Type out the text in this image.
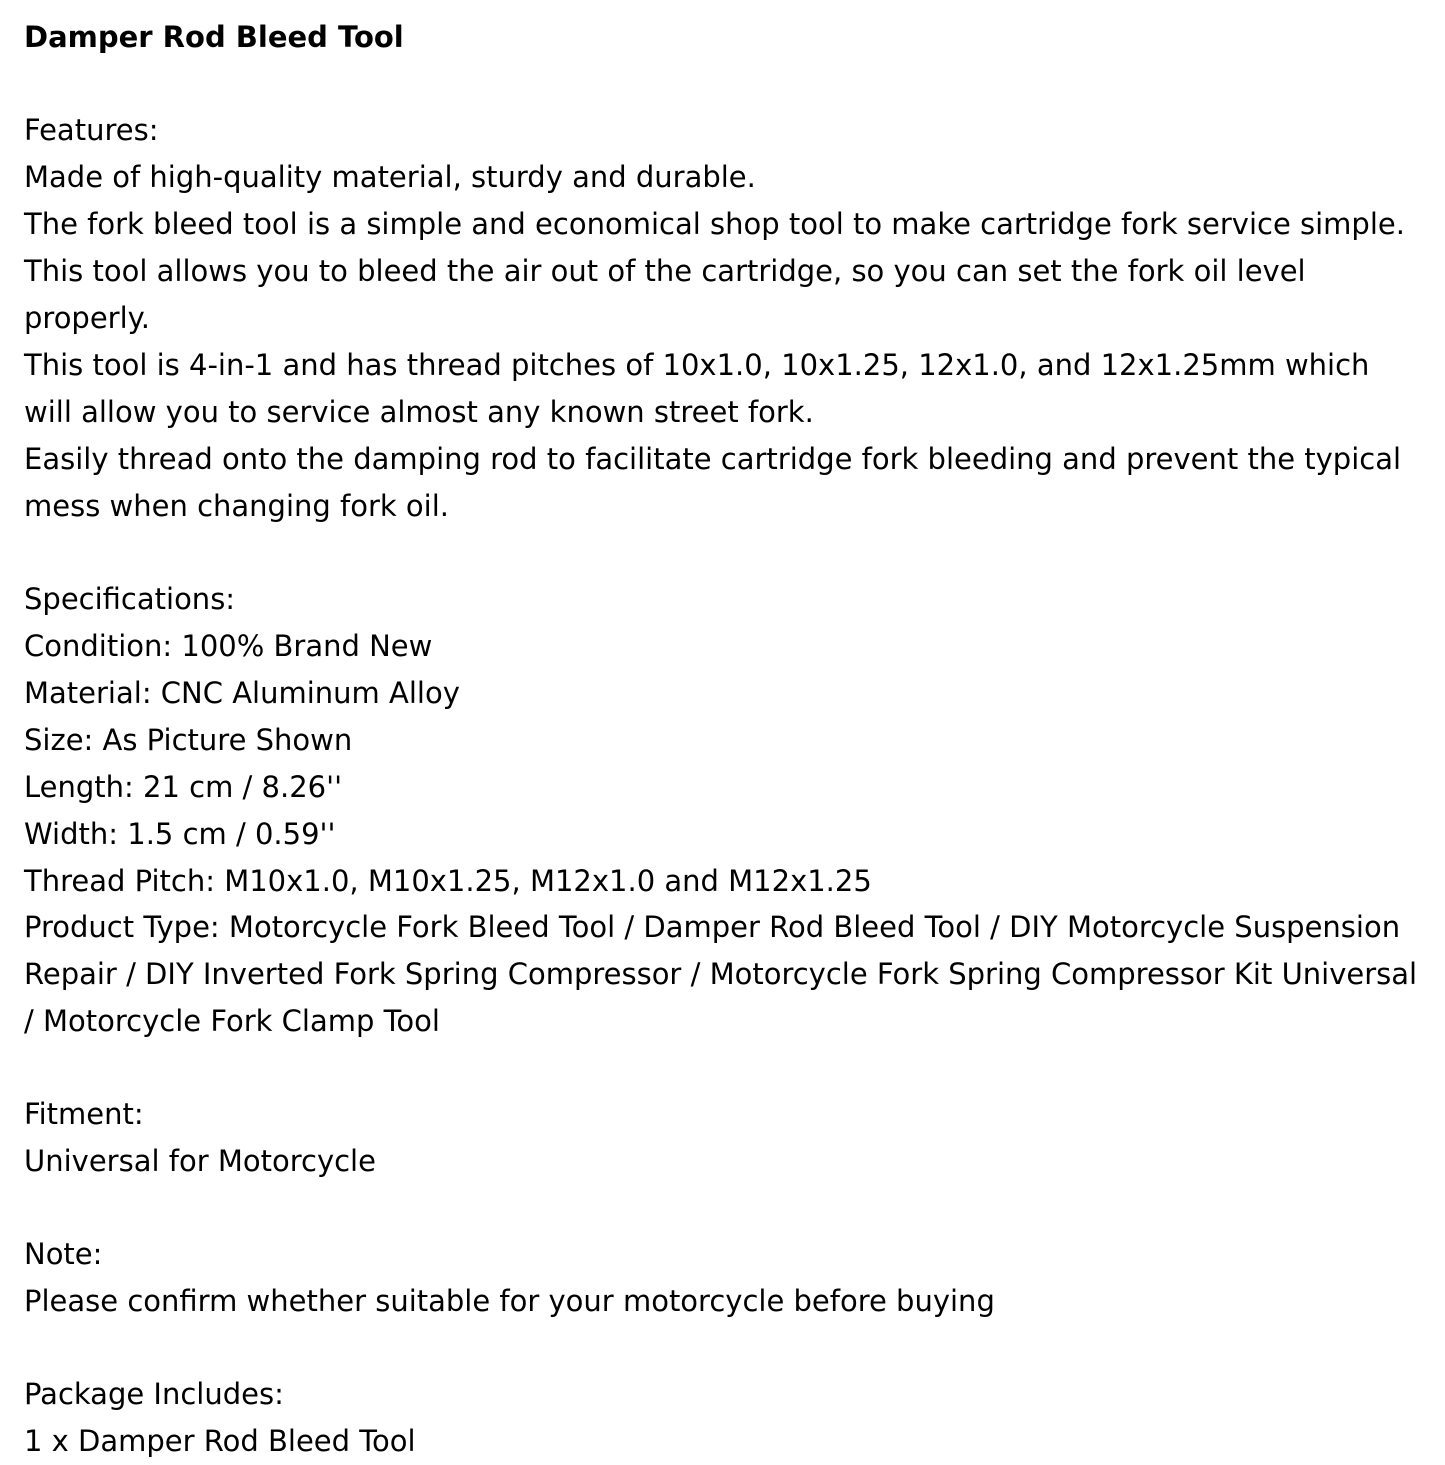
Damper Rod Bleed Tool
Features:
Made of high-quality material, sturdy and durable.
The fork bleed tool is a simple and economical shop tool to make cartridge fork service simple.
This tool allows you to bleed the air out of the cartridge, so you can set the fork oil level properly.
This tool is 4-in-1 and has thread pitches of 10x1.0, 10x1.25, 12x1.0, and 12x1.25mm which will allow you to service almost any known street fork.
Easily thread onto the damping rod to facilitate cartridge fork bleeding and prevent the typical mess when changing fork oil.
Specifications:
Condition: 100% Brand New
Material: CNC Aluminum Alloy
Size: As Picture Shown
Length: 21 cm / 8.26''
Width: 1.5 cm / 0.59''
Thread Pitch: M10x1.0, M10x1.25, M12x1.0 and M12x1.25
Product Type: Motorcycle Fork Bleed Tool / Damper Rod Bleed Tool / DIY Motorcycle Suspension Repair / DIY Inverted Fork Spring Compressor / Motorcycle Fork Spring Compressor Kit Universal / Motorcycle Fork Clamp Tool
Fitment:
Universal for Motorcycle
Note:
Please confirm whether suitable for your motorcycle before buying
Package Includes:
1 x Damper Rod Bleed Tool
